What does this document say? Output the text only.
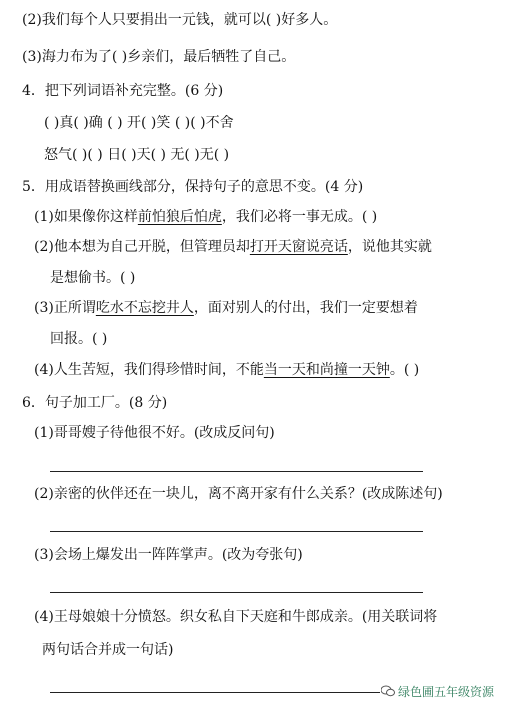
(2)我们每个人只要捐出一元钱，就可以( )好多人。
(3)海力布为了( )乡亲们，最后牺牲了自己。
4．把下列词语补充完整。(6 分)
( )真( )确 ( ) 开( )笑 ( )( )不舍
怒气( )( ) 日( )天( ) 无( )无( )
5．用成语替换画线部分，保持句子的意思不变。(4 分)
(1)如果像你这样前怕狼后怕虎，我们必将一事无成。( )
(2)他本想为自己开脱，但管理员却打开天窗说亮话，说他其实就
是想偷书。( )
(3)正所谓吃水不忘挖井人，面对别人的付出，我们一定要想着
回报。( )
(4)人生苦短，我们得珍惜时间，不能当一天和尚撞一天钟。( )
6．句子加工厂。(8 分)
(1)哥哥嫂子待他很不好。(改成反问句)
(2)亲密的伙伴还在一块儿，离不离开家有什么关系？(改成陈述句)
(3)会场上爆发出一阵阵掌声。(改为夸张句)
(4)王母娘娘十分愤怒。织女私自下天庭和牛郎成亲。(用关联词将
两句话合并成一句话)
绿色圃五年级资源
